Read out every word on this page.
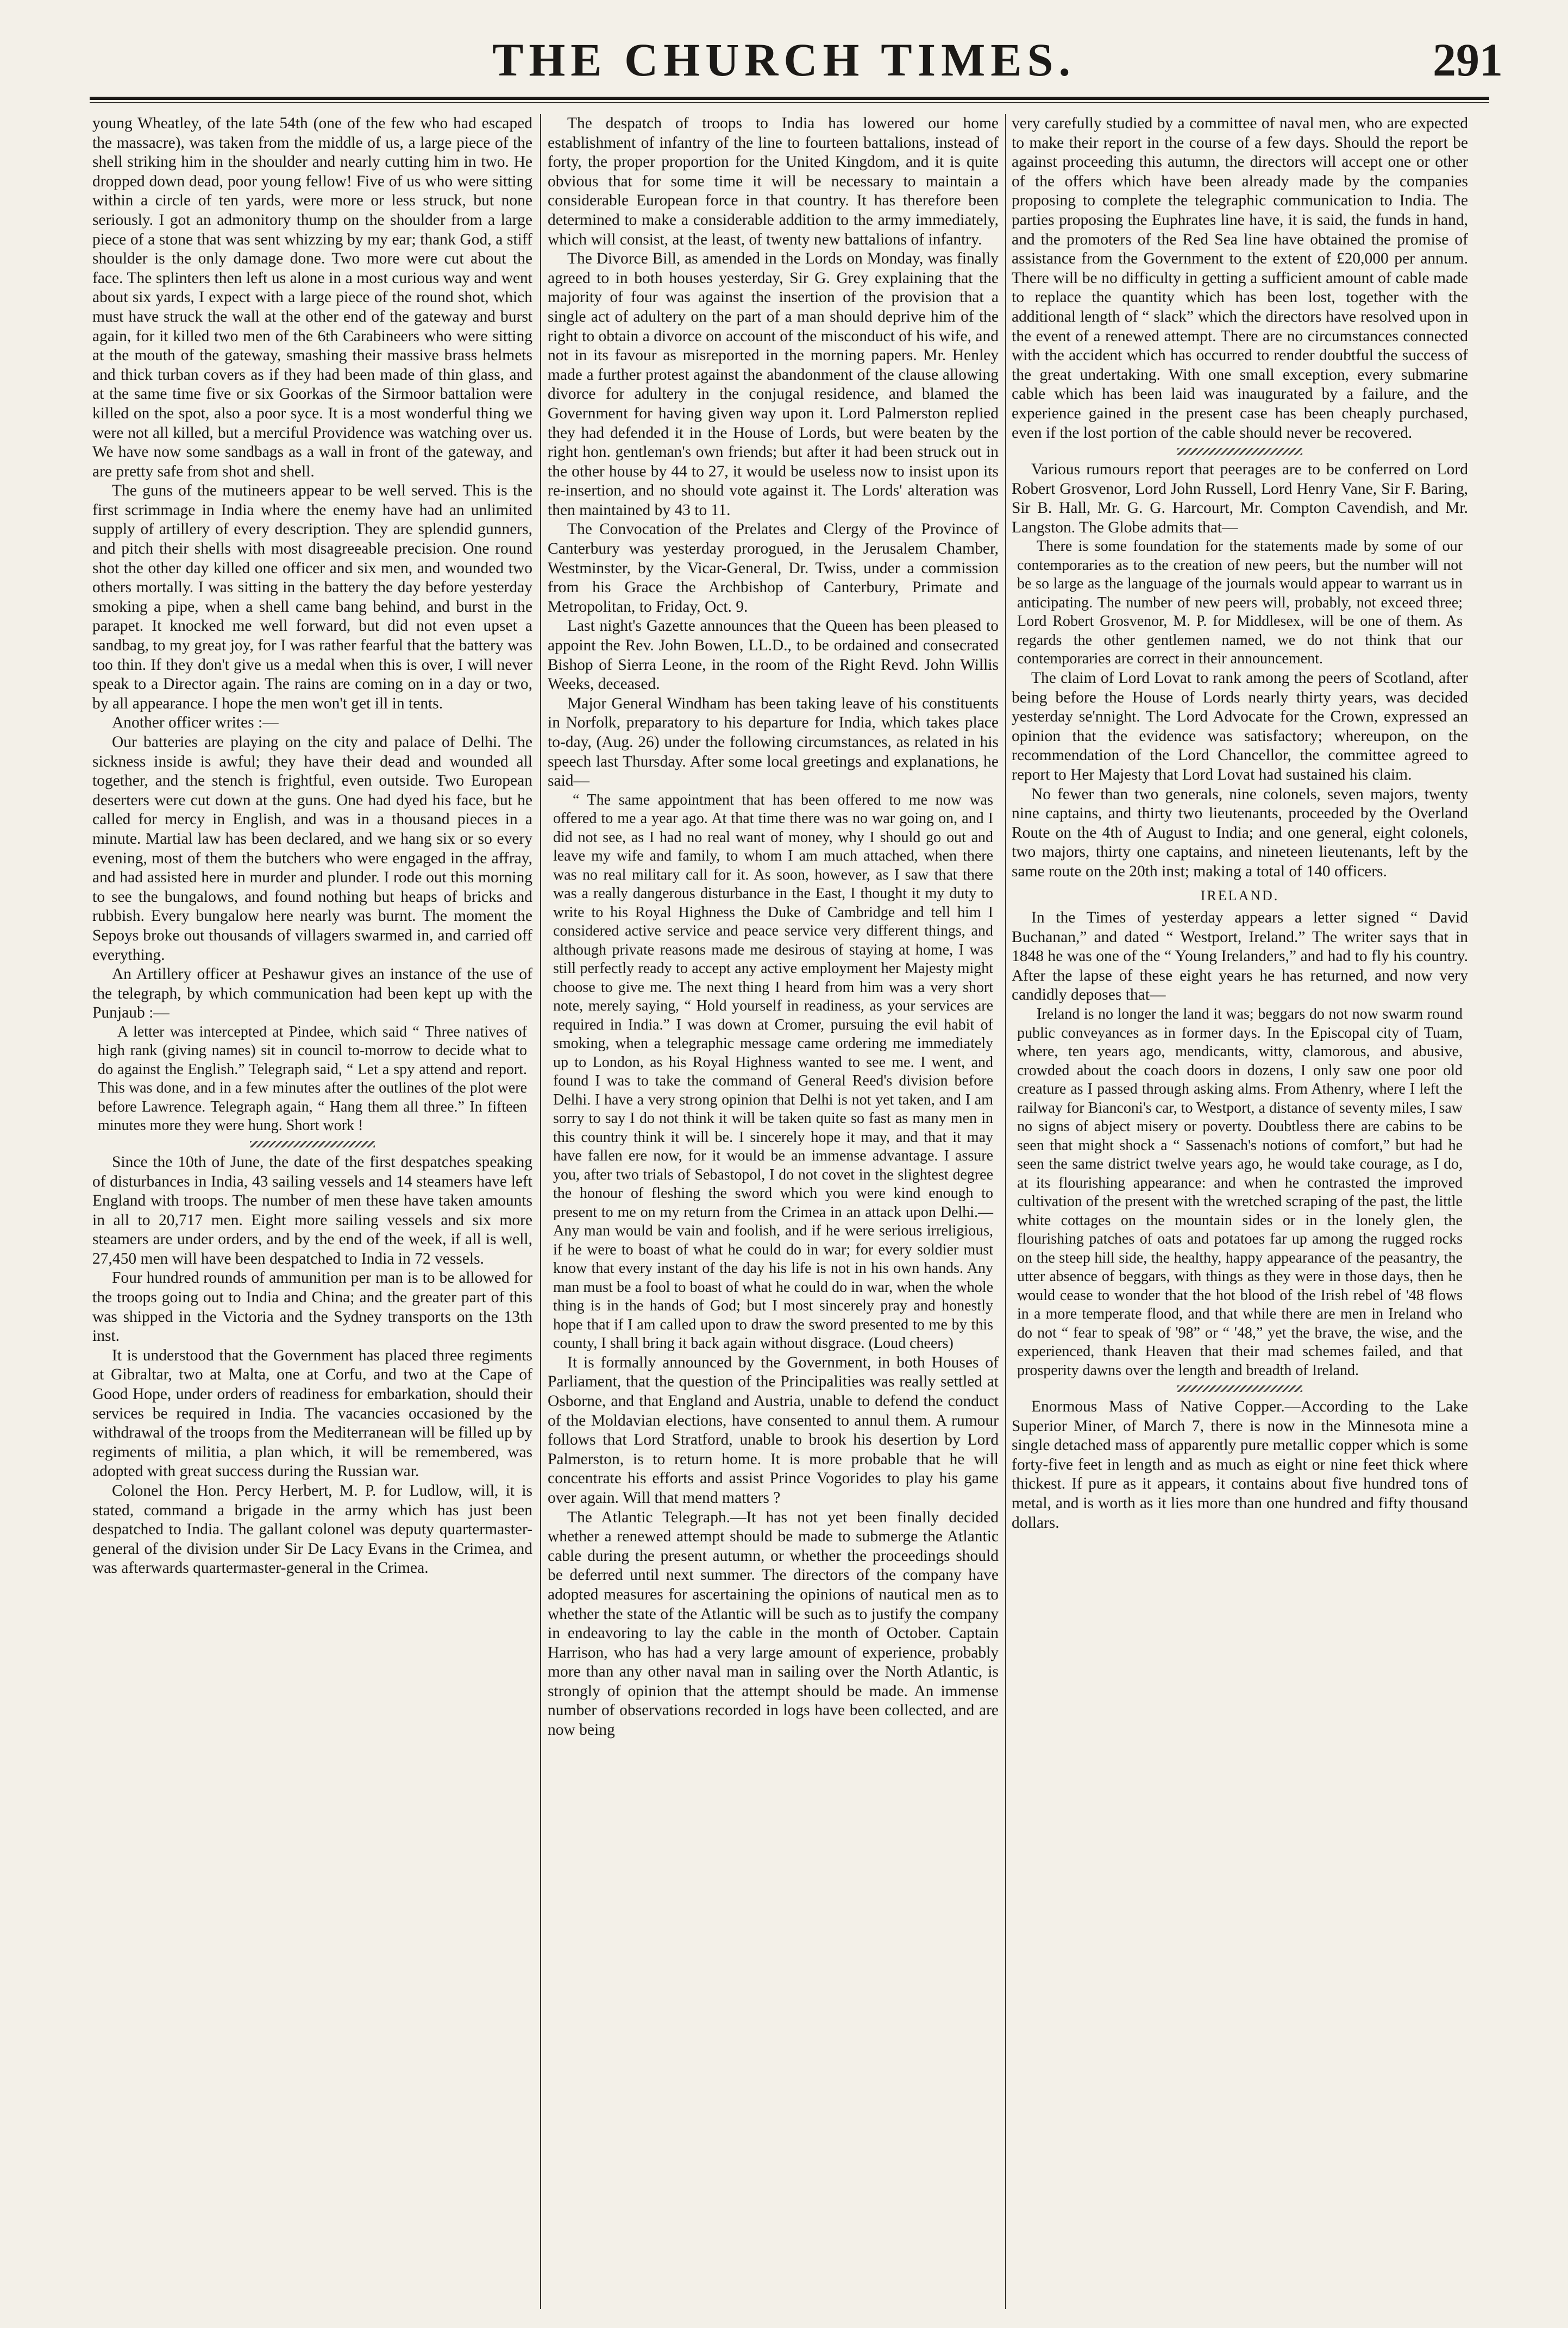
THE CHURCH TIMES.	291

young Wheatley, of the late 54th (one of the few who had escaped the massacre), was taken from the middle of us, a large piece of the shell striking him in the shoulder and nearly cutting him in two. He dropped down dead, poor young fellow! Five of us who were sitting within a circle of ten yards, were more or less struck, but none seriously. I got an admonitory thump on the shoulder from a large piece of a stone that was sent whizzing by my ear; thank God, a stiff shoulder is the only damage done. Two more were cut about the face. The splinters then left us alone in a most curious way and went about six yards, I expect with a large piece of the round shot, which must have struck the wall at the other end of the gateway and burst again, for it killed two men of the 6th Carabineers who were sitting at the mouth of the gateway, smashing their massive brass helmets and thick turban covers as if they had been made of thin glass, and at the same time five or six Goorkas of the Sirmoor battalion were killed on the spot, also a poor syce. It is a most wonderful thing we were not all killed, but a merciful Providence was watching over us. We have now some sandbags as a wall in front of the gateway, and are pretty safe from shot and shell.

The guns of the mutineers appear to be well served. This is the first scrimmage in India where the enemy have had an unlimited supply of artillery of every description. They are splendid gunners, and pitch their shells with most disagreeable precision. One round shot the other day killed one officer and six men, and wounded two others mortally. I was sitting in the battery the day before yesterday smoking a pipe, when a shell came bang behind, and burst in the parapet. It knocked me well forward, but did not even upset a sandbag, to my great joy, for I was rather fearful that the battery was too thin. If they don't give us a medal when this is over, I will never speak to a Director again. The rains are coming on in a day or two, by all appearance. I hope the men won't get ill in tents.

Another officer writes :—

Our batteries are playing on the city and palace of Delhi. The sickness inside is awful; they have their dead and wounded all together, and the stench is frightful, even outside. Two European deserters were cut down at the guns. One had dyed his face, but he called for mercy in English, and was in a thousand pieces in a minute. Martial law has been declared, and we hang six or so every evening, most of them the butchers who were engaged in the affray, and had assisted here in murder and plunder. I rode out this morning to see the bungalows, and found nothing but heaps of bricks and rubbish. Every bungalow here nearly was burnt. The moment the Sepoys broke out thousands of villagers swarmed in, and carried off everything.

An Artillery officer at Peshawur gives an instance of the use of the telegraph, by which communication had been kept up with the Punjaub :—

A letter was intercepted at Pindee, which said “ Three natives of high rank (giving names) sit in council to-morrow to decide what to do against the English.” Telegraph said, “ Let a spy attend and report. This was done, and in a few minutes after the outlines of the plot were before Lawrence. Telegraph again, “ Hang them all three.” In fifteen minutes more they were hung. Short work !

Since the 10th of June, the date of the first despatches speaking of disturbances in India, 43 sailing vessels and 14 steamers have left England with troops. The number of men these have taken amounts in all to 20,717 men. Eight more sailing vessels and six more steamers are under orders, and by the end of the week, if all is well, 27,450 men will have been despatched to India in 72 vessels.

Four hundred rounds of ammunition per man is to be allowed for the troops going out to India and China; and the greater part of this was shipped in the Victoria and the Sydney transports on the 13th inst.

It is understood that the Government has placed three regiments at Gibraltar, two at Malta, one at Corfu, and two at the Cape of Good Hope, under orders of readiness for embarkation, should their services be required in India. The vacancies occasioned by the withdrawal of the troops from the Mediterranean will be filled up by regiments of militia, a plan which, it will be remembered, was adopted with great success during the Russian war.

Colonel the Hon. Percy Herbert, M. P. for Ludlow, will, it is stated, command a brigade in the army which has just been despatched to India. The gallant colonel was deputy quartermaster-general of the division under Sir De Lacy Evans in the Crimea, and was afterwards quartermaster-general in the Crimea.

The despatch of troops to India has lowered our home establishment of infantry of the line to fourteen battalions, instead of forty, the proper proportion for the United Kingdom, and it is quite obvious that for some time it will be necessary to maintain a considerable European force in that country. It has therefore been determined to make a considerable addition to the army immediately, which will consist, at the least, of twenty new battalions of infantry.

The Divorce Bill, as amended in the Lords on Monday, was finally agreed to in both houses yesterday, Sir G. Grey explaining that the majority of four was against the insertion of the provision that a single act of adultery on the part of a man should deprive him of the right to obtain a divorce on account of the misconduct of his wife, and not in its favour as misreported in the morning papers. Mr. Henley made a further protest against the abandonment of the clause allowing divorce for adultery in the conjugal residence, and blamed the Government for having given way upon it. Lord Palmerston replied they had defended it in the House of Lords, but were beaten by the right hon. gentleman's own friends; but after it had been struck out in the other house by 44 to 27, it would be useless now to insist upon its re-insertion, and no should vote against it. The Lords' alteration was then maintained by 43 to 11.

The Convocation of the Prelates and Clergy of the Province of Canterbury was yesterday prorogued, in the Jerusalem Chamber, Westminster, by the Vicar-General, Dr. Twiss, under a commission from his Grace the Archbishop of Canterbury, Primate and Metropolitan, to Friday, Oct. 9.

Last night's Gazette announces that the Queen has been pleased to appoint the Rev. John Bowen, LL.D., to be ordained and consecrated Bishop of Sierra Leone, in the room of the Right Revd. John Willis Weeks, deceased.

Major General Windham has been taking leave of his constituents in Norfolk, preparatory to his departure for India, which takes place to-day, (Aug. 26) under the following circumstances, as related in his speech last Thursday. After some local greetings and explanations, he said—

“ The same appointment that has been offered to me now was offered to me a year ago. At that time there was no war going on, and I did not see, as I had no real want of money, why I should go out and leave my wife and family, to whom I am much attached, when there was no real military call for it. As soon, however, as I saw that there was a really dangerous disturbance in the East, I thought it my duty to write to his Royal Highness the Duke of Cambridge and tell him I considered active service and peace service very different things, and although private reasons made me desirous of staying at home, I was still perfectly ready to accept any active employment her Majesty might choose to give me. The next thing I heard from him was a very short note, merely saying, “ Hold yourself in readiness, as your services are required in India.” I was down at Cromer, pursuing the evil habit of smoking, when a telegraphic message came ordering me immediately up to London, as his Royal Highness wanted to see me. I went, and found I was to take the command of General Reed's division before Delhi. I have a very strong opinion that Delhi is not yet taken, and I am sorry to say I do not think it will be taken quite so fast as many men in this country think it will be. I sincerely hope it may, and that it may have fallen ere now, for it would be an immense advantage. I assure you, after two trials of Sebastopol, I do not covet in the slightest degree the honour of fleshing the sword which you were kind enough to present to me on my return from the Crimea in an attack upon Delhi.—Any man would be vain and foolish, and if he were serious irreligious, if he were to boast of what he could do in war; for every soldier must know that every instant of the day his life is not in his own hands. Any man must be a fool to boast of what he could do in war, when the whole thing is in the hands of God; but I most sincerely pray and honestly hope that if I am called upon to draw the sword presented to me by this county, I shall bring it back again without disgrace. (Loud cheers)

It is formally announced by the Government, in both Houses of Parliament, that the question of the Principalities was really settled at Osborne, and that England and Austria, unable to defend the conduct of the Moldavian elections, have consented to annul them. A rumour follows that Lord Stratford, unable to brook his desertion by Lord Palmerston, is to return home. It is more probable that he will concentrate his efforts and assist Prince Vogorides to play his game over again. Will that mend matters ?

The Atlantic Telegraph.—It has not yet been finally decided whether a renewed attempt should be made to submerge the Atlantic cable during the present autumn, or whether the proceedings should be deferred until next summer. The directors of the company have adopted measures for ascertaining the opinions of nautical men as to whether the state of the Atlantic will be such as to justify the company in endeavoring to lay the cable in the month of October. Captain Harrison, who has had a very large amount of experience, probably more than any other naval man in sailing over the North Atlantic, is strongly of opinion that the attempt should be made. An immense number of observations recorded in logs have been collected, and are now being

very carefully studied by a committee of naval men, who are expected to make their report in the course of a few days. Should the report be against proceeding this autumn, the directors will accept one or other of the offers which have been already made by the companies proposing to complete the telegraphic communication to India. The parties proposing the Euphrates line have, it is said, the funds in hand, and the promoters of the Red Sea line have obtained the promise of assistance from the Government to the extent of £20,000 per annum. There will be no difficulty in getting a sufficient amount of cable made to replace the quantity which has been lost, together with the additional length of “ slack” which the directors have resolved upon in the event of a renewed attempt. There are no circumstances connected with the accident which has occurred to render doubtful the success of the great undertaking. With one small exception, every submarine cable which has been laid was inaugurated by a failure, and the experience gained in the present case has been cheaply purchased, even if the lost portion of the cable should never be recovered.

Various rumours report that peerages are to be conferred on Lord Robert Grosvenor, Lord John Russell, Lord Henry Vane, Sir F. Baring, Sir B. Hall, Mr. G. G. Harcourt, Mr. Compton Cavendish, and Mr. Langston. The Globe admits that—

There is some foundation for the statements made by some of our contemporaries as to the creation of new peers, but the number will not be so large as the language of the journals would appear to warrant us in anticipating. The number of new peers will, probably, not exceed three; Lord Robert Grosvenor, M. P. for Middlesex, will be one of them. As regards the other gentlemen named, we do not think that our contemporaries are correct in their announcement.

The claim of Lord Lovat to rank among the peers of Scotland, after being before the House of Lords nearly thirty years, was decided yesterday se'nnight. The Lord Advocate for the Crown, expressed an opinion that the evidence was satisfactory; whereupon, on the recommendation of the Lord Chancellor, the committee agreed to report to Her Majesty that Lord Lovat had sustained his claim.

No fewer than two generals, nine colonels, seven majors, twenty nine captains, and thirty two lieutenants, proceeded by the Overland Route on the 4th of August to India; and one general, eight colonels, two majors, thirty one captains, and nineteen lieutenants, left by the same route on the 20th inst; making a total of 140 officers.

IRELAND.

In the Times of yesterday appears a letter signed “ David Buchanan,” and dated “ Westport, Ireland.” The writer says that in 1848 he was one of the “ Young Irelanders,” and had to fly his country. After the lapse of these eight years he has returned, and now very candidly deposes that—

Ireland is no longer the land it was; beggars do not now swarm round public conveyances as in former days. In the Episcopal city of Tuam, where, ten years ago, mendicants, witty, clamorous, and abusive, crowded about the coach doors in dozens, I only saw one poor old creature as I passed through asking alms. From Athenry, where I left the railway for Bianconi's car, to Westport, a distance of seventy miles, I saw no signs of abject misery or poverty. Doubtless there are cabins to be seen that might shock a “ Sassenach's notions of comfort,” but had he seen the same district twelve years ago, he would take courage, as I do, at its flourishing appearance: and when he contrasted the improved cultivation of the present with the wretched scraping of the past, the little white cottages on the mountain sides or in the lonely glen, the flourishing patches of oats and potatoes far up among the rugged rocks on the steep hill side, the healthy, happy appearance of the peasantry, the utter absence of beggars, with things as they were in those days, then he would cease to wonder that the hot blood of the Irish rebel of '48 flows in a more temperate flood, and that while there are men in Ireland who do not “ fear to speak of '98” or “ '48,” yet the brave, the wise, and the experienced, thank Heaven that their mad schemes failed, and that prosperity dawns over the length and breadth of Ireland.

Enormous Mass of Native Copper.—According to the Lake Superior Miner, of March 7, there is now in the Minnesota mine a single detached mass of apparently pure metallic copper which is some forty-five feet in length and as much as eight or nine feet thick where thickest. If pure as it appears, it contains about five hundred tons of metal, and is worth as it lies more than one hundred and fifty thousand dollars.
